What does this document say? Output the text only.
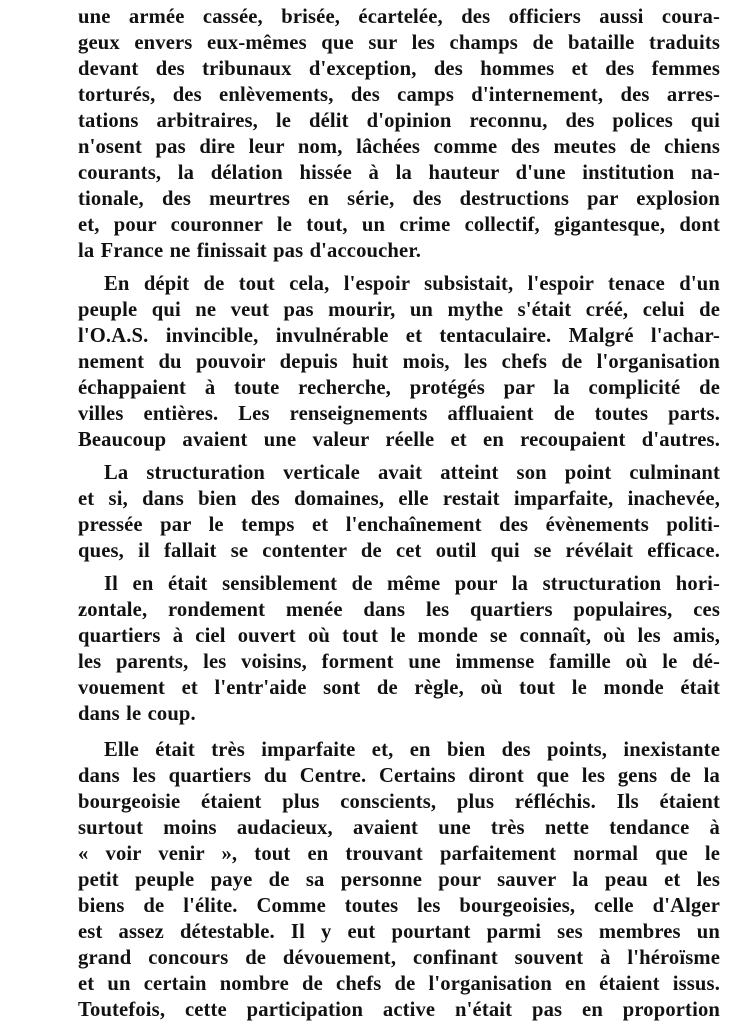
une armée cassée, brisée, écartelée, des officiers aussi coura-
geux envers eux-mêmes que sur les champs de bataille traduits
devant des tribunaux d'exception, des hommes et des femmes
torturés, des enlèvements, des camps d'internement, des arres-
tations arbitraires, le délit d'opinion reconnu, des polices qui
n'osent pas dire leur nom, lâchées comme des meutes de chiens
courants, la délation hissée à la hauteur d'une institution na-
tionale, des meurtres en série, des destructions par explosion
et, pour couronner le tout, un crime collectif, gigantesque, dont
la France ne finissait pas d'accoucher.
En dépit de tout cela, l'espoir subsistait, l'espoir tenace d'un
peuple qui ne veut pas mourir, un mythe s'était créé, celui de
l'O.A.S. invincible, invulnérable et tentaculaire. Malgré l'achar-
nement du pouvoir depuis huit mois, les chefs de l'organisation
échappaient à toute recherche, protégés par la complicité de
villes entières. Les renseignements affluaient de toutes parts.
Beaucoup avaient une valeur réelle et en recoupaient d'autres.
La structuration verticale avait atteint son point culminant
et si, dans bien des domaines, elle restait imparfaite, inachevée,
pressée par le temps et l'enchaînement des évènements politi-
ques, il fallait se contenter de cet outil qui se révélait efficace.
Il en était sensiblement de même pour la structuration hori-
zontale, rondement menée dans les quartiers populaires, ces
quartiers à ciel ouvert où tout le monde se connaît, où les amis,
les parents, les voisins, forment une immense famille où le dé-
vouement et l'entr'aide sont de règle, où tout le monde était
dans le coup.
Elle était très imparfaite et, en bien des points, inexistante
dans les quartiers du Centre. Certains diront que les gens de la
bourgeoisie étaient plus conscients, plus réfléchis. Ils étaient
surtout moins audacieux, avaient une très nette tendance à
« voir venir », tout en trouvant parfaitement normal que le
petit peuple paye de sa personne pour sauver la peau et les
biens de l'élite. Comme toutes les bourgeoisies, celle d'Alger
est assez détestable. Il y eut pourtant parmi ses membres un
grand concours de dévouement, confinant souvent à l'héroïsme
et un certain nombre de chefs de l'organisation en étaient issus.
Toutefois, cette participation active n'était pas en proportion
